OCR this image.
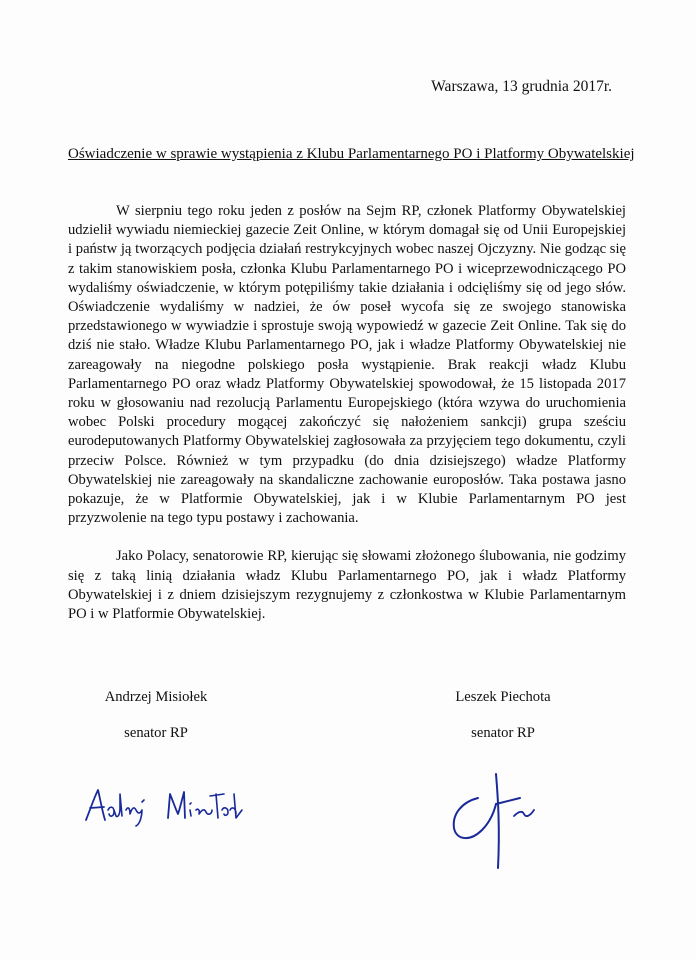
Warszawa, 13 grudnia 2017r.
Oświadczenie w sprawie wystąpienia z Klubu Parlamentarnego PO i Platformy Obywatelskiej

W sierpniu tego roku jeden z posłów na Sejm RP, członek Platformy Obywatelskiej udzielił wywiadu niemieckiej gazecie Zeit Online, w którym domagał się od Unii Europejskiej i państw ją tworzących podjęcia działań restrykcyjnych wobec naszej Ojczyzny. Nie godząc się z takim stanowiskiem posła, członka Klubu Parlamentarnego PO i wiceprzewodniczącego PO wydaliśmy oświadczenie, w którym potępiliśmy takie działania i odcięliśmy się od jego słów. Oświadczenie wydaliśmy w nadziei, że ów poseł wycofa się ze swojego stanowiska przedstawionego w wywiadzie i sprostuje swoją wypowiedź w gazecie Zeit Online. Tak się do dziś nie stało. Władze Klubu Parlamentarnego PO, jak i władze Platformy Obywatelskiej nie zareagowały na niegodne polskiego posła wystąpienie. Brak reakcji władz Klubu Parlamentarnego PO oraz władz Platformy Obywatelskiej spowodował, że 15 listopada 2017 roku w głosowaniu nad rezolucją Parlamentu Europejskiego (która wzywa do uruchomienia wobec Polski procedury mogącej zakończyć się nałożeniem sankcji) grupa sześciu eurodeputowanych Platformy Obywatelskiej zagłosowała za przyjęciem tego dokumentu, czyli przeciw Polsce. Również w tym przypadku (do dnia dzisiejszego) władze Platformy Obywatelskiej nie zareagowały na skandaliczne zachowanie europosłów. Taka postawa jasno pokazuje, że w Platformie Obywatelskiej, jak i w Klubie Parlamentarnym PO jest przyzwolenie na tego typu postawy i zachowania.

Jako Polacy, senatorowie RP, kierując się słowami złożonego ślubowania, nie godzimy się z taką linią działania władz Klubu Parlamentarnego PO, jak i władz Platformy Obywatelskiej i z dniem dzisiejszym rezygnujemy z członkostwa w Klubie Parlamentarnym PO i w Platformie Obywatelskiej.

Andrzej Misiołek
senator RP
Leszek Piechota
senator RP
